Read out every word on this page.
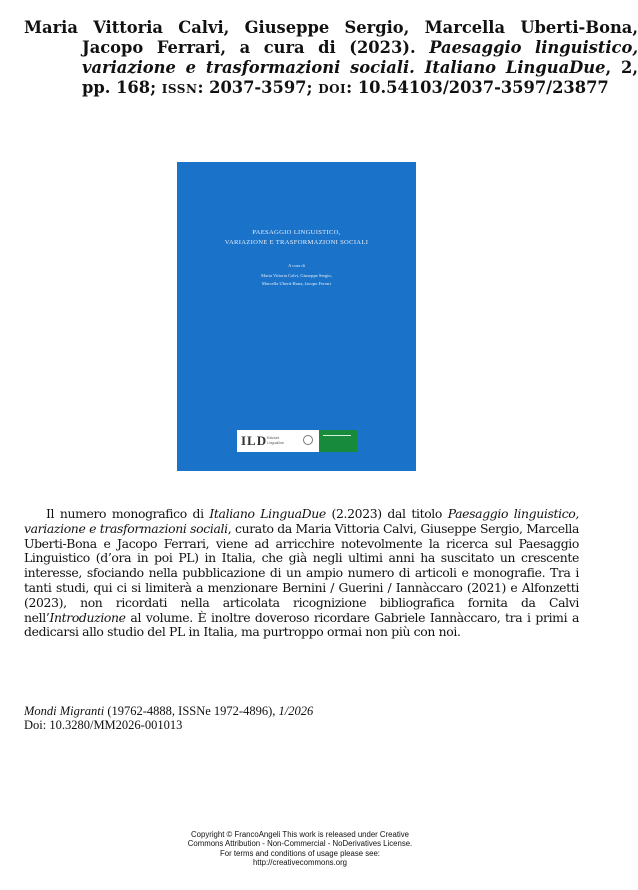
Maria Vittoria Calvi, Giuseppe Sergio, Marcella Uberti-Bona, Jacopo Ferrari, a cura di (2023). Paesaggio linguistico, variazione e trasformazioni sociali. Italiano LinguaDue, 2, pp. 168; ISSN: 2037-3597; DOI: 10.54103/2037-3597/23877
PAESAGGIO LINGUISTICO,
VARIAZIONE E TRASFORMAZIONI SOCIALI
A cura di
Maria Vittoria Calvi, Giuseppe Sergio,
Marcella Uberti-Bona, Jacopo Ferrari
ILD Edizioni
LinguaDue
Il numero monografico di Italiano LinguaDue (2.2023) dal titolo Paesaggio linguistico, variazione e trasformazioni sociali, curato da Maria Vittoria Calvi, Giuseppe Sergio, Marcella Uberti-Bona e Jacopo Ferrari, viene ad arricchire notevolmente la ricerca sul Paesaggio Linguistico (d’ora in poi PL) in Italia, che già negli ultimi anni ha suscitato un crescente interesse, sfociando nella pubblicazione di un ampio numero di articoli e monografie. Tra i tanti studi, qui ci si limiterà a menzionare Bernini / Guerini / Iannàccaro (2021) e Alfonzetti (2023), non ricordati nella articolata ricognizione bibliografica fornita da Calvi nell’Introduzione al volume. È inoltre doveroso ricordare Gabriele Iannàccaro, tra i primi a dedicarsi allo studio del PL in Italia, ma purtroppo ormai non più con noi.
Mondi Migranti (19762-4888, ISSNe 1972-4896), 1/2026
Doi: 10.3280/MM2026-001013
Copyright © FrancoAngeli This work is released under Creative
Commons Attribution - Non-Commercial - NoDerivatives License.
For terms and conditions of usage please see:
http://creativecommons.org
